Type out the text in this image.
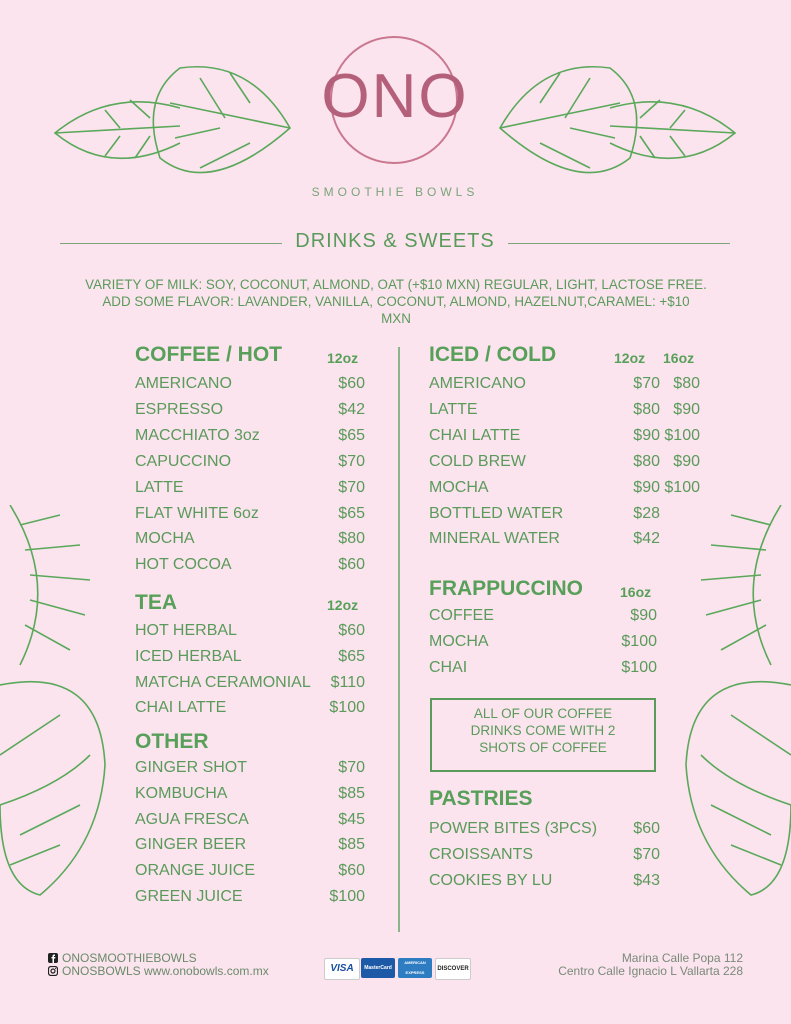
ONO
SMOOTHIE BOWLS
DRINKS & SWEETS
VARIETY OF MILK: SOY, COCONUT, ALMOND, OAT (+$10 MXN) REGULAR, LIGHT, LACTOSE FREE.
ADD SOME FLAVOR: LAVANDER, VANILLA, COCONUT, ALMOND, HAZELNUT,CARAMEL: +$10
MXN
COFFEE / HOT	12oz
AMERICANO	$60
ESPRESSO	$42
MACCHIATO 3oz	$65
CAPUCCINO	$70
LATTE	$70
FLAT WHITE 6oz	$65
MOCHA	$80
HOT COCOA	$60
TEA	12oz
HOT HERBAL	$60
ICED HERBAL	$65
MATCHA CERAMONIAL	$110
CHAI LATTE	$100
OTHER
GINGER SHOT	$70
KOMBUCHA	$85
AGUA FRESCA	$45
GINGER BEER	$85
ORANGE JUICE	$60
GREEN JUICE	$100
ICED / COLD	12oz 16oz
AMERICANO	$70 $80
LATTE	$80 $90
CHAI LATTE	$90 $100
COLD BREW	$80 $90
MOCHA	$90 $100
BOTTLED WATER	$28
MINERAL WATER	$42
FRAPPUCCINO	16oz
COFFEE	$90
MOCHA	$100
CHAI	$100
ALL OF OUR COFFEE
DRINKS COME WITH 2
SHOTS OF COFFEE
PASTRIES
POWER BITES (3PCS)	$60
CROISSANTS	$70
COOKIES BY LU	$43
ONOSMOOTHIEBOWLS
ONOSBOWLS www.onobowls.com.mx	VISA	MasterCard
AMERICAN EXPRESS
DISCOVER
Marina Calle Popa 112
Centro Calle Ignacio L Vallarta 228
